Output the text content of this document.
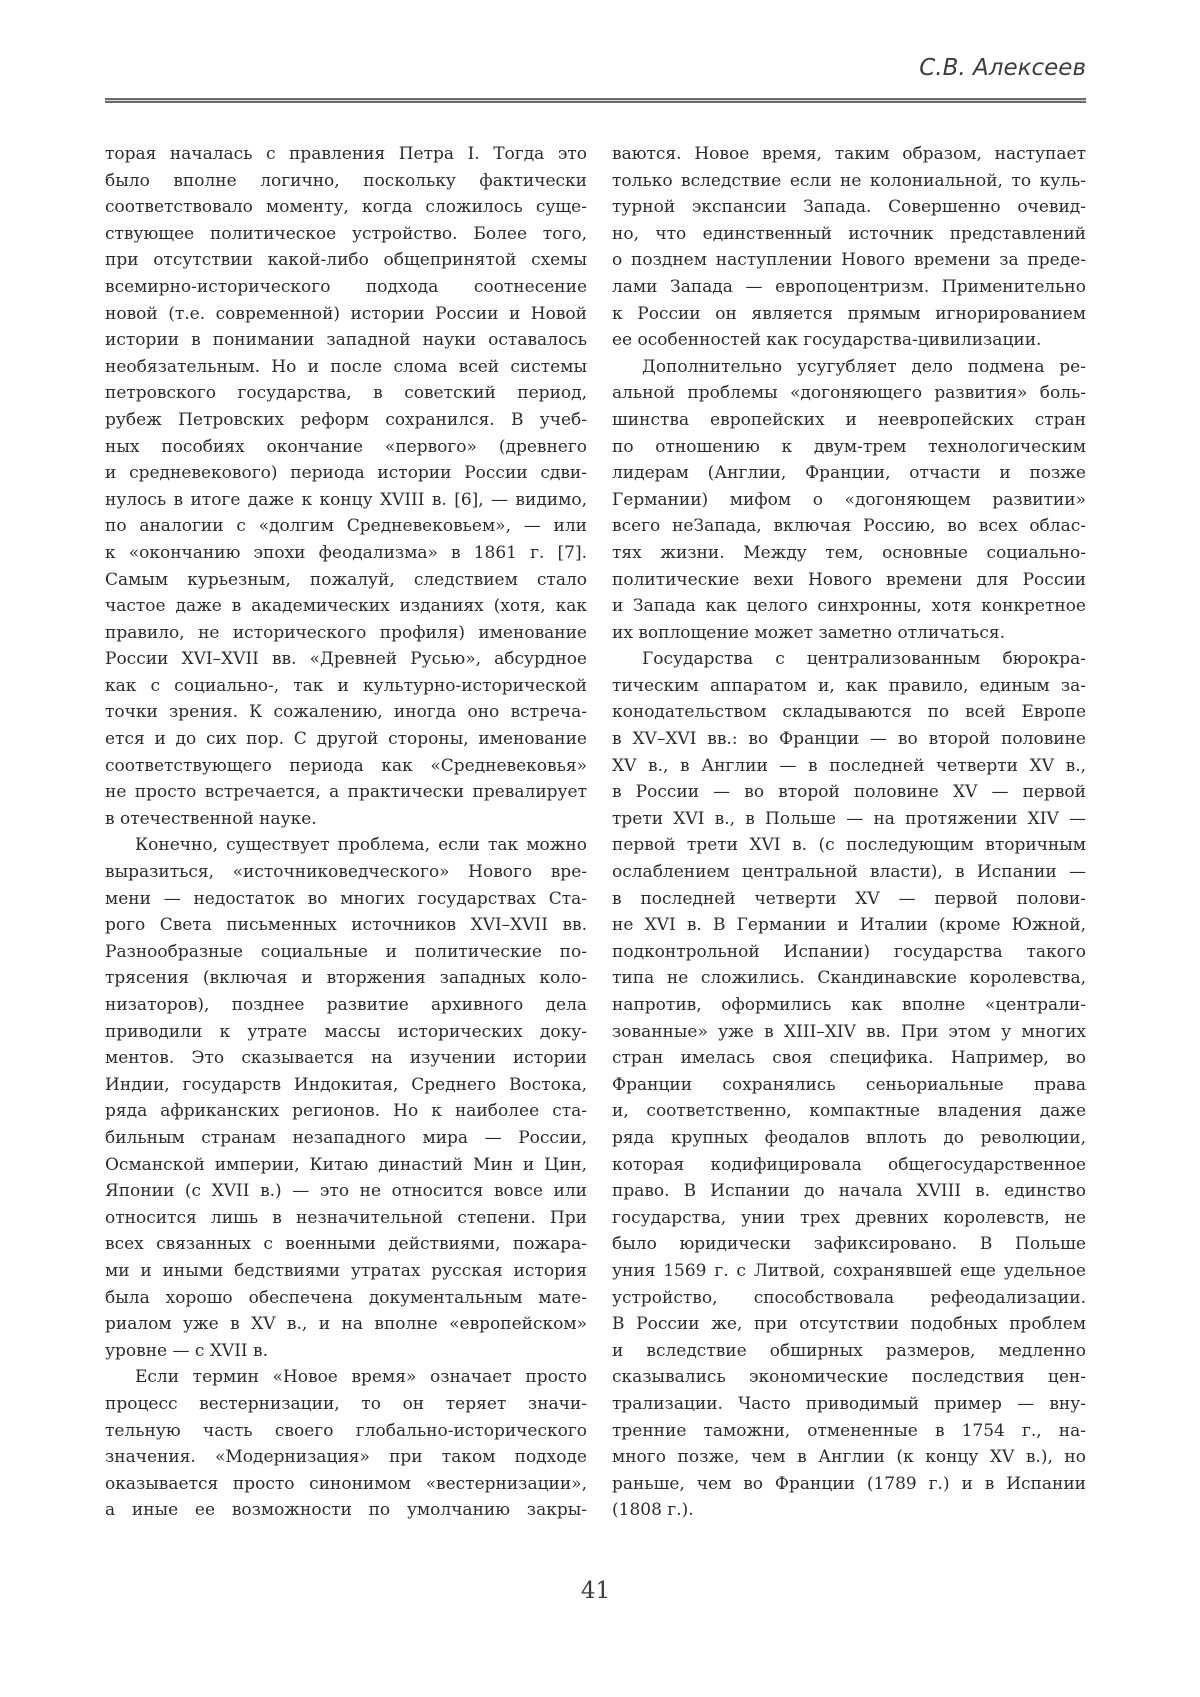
С.В. Алексеев
торая началась с правления Петра I. Тогда это
было вполне логично, поскольку фактически
соответствовало моменту, когда сложилось суще-
ствующее политическое устройство. Более того,
при отсутствии какой-либо общепринятой схемы
всемирно-исторического подхода соотнесение
новой (т.е. современной) истории России и Новой
истории в понимании западной науки оставалось
необязательным. Но и после слома всей системы
петровского государства, в советский период,
рубеж Петровских реформ сохранился. В учеб-
ных пособиях окончание «первого» (древнего
и средневекового) периода истории России сдви-
нулось в итоге даже к концу XVIII в. [6], — видимо,
по аналогии с «долгим Средневековьем», — или
к «окончанию эпохи феодализма» в 1861 г. [7].
Самым курьезным, пожалуй, следствием стало
частое даже в академических изданиях (хотя, как
правило, не исторического профиля) именование
России XVI–XVII вв. «Древней Русью», абсурдное
как с социально-, так и культурно-исторической
точки зрения. К сожалению, иногда оно встреча-
ется и до сих пор. С другой стороны, именование
соответствующего периода как «Средневековья»
не просто встречается, а практически превалирует
в отечественной науке.
Конечно, существует проблема, если так можно
выразиться, «источниковедческого» Нового вре-
мени — недостаток во многих государствах Ста-
рого Света письменных источников XVI–XVII вв.
Разнообразные социальные и политические по-
трясения (включая и вторжения западных коло-
низаторов), позднее развитие архивного дела
приводили к утрате массы исторических доку-
ментов. Это сказывается на изучении истории
Индии, государств Индокитая, Среднего Востока,
ряда африканских регионов. Но к наиболее ста-
бильным странам незападного мира — России,
Османской империи, Китаю династий Мин и Цин,
Японии (с XVII в.) — это не относится вовсе или
относится лишь в незначительной степени. При
всех связанных с военными действиями, пожара-
ми и иными бедствиями утратах русская история
была хорошо обеспечена документальным мате-
риалом уже в XV в., и на вполне «европейском»
уровне — с XVII в.
Если термин «Новое время» означает просто
процесс вестернизации, то он теряет значи-
тельную часть своего глобально-исторического
значения. «Модернизация» при таком подходе
оказывается просто синонимом «вестернизации»,
а иные ее возможности по умолчанию закры-
ваются. Новое время, таким образом, наступает
только вследствие если не колониальной, то куль-
турной экспансии Запада. Совершенно очевид-
но, что единственный источник представлений
о позднем наступлении Нового времени за преде-
лами Запада — европоцентризм. Применительно
к России он является прямым игнорированием
ее особенностей как государства-цивилизации.
Дополнительно усугубляет дело подмена ре-
альной проблемы «догоняющего развития» боль-
шинства европейских и неевропейских стран
по отношению к двум-трем технологическим
лидерам (Англии, Франции, отчасти и позже
Германии) мифом о «догоняющем развитии»
всего неЗапада, включая Россию, во всех облас-
тях жизни. Между тем, основные социально-
политические вехи Нового времени для России
и Запада как целого синхронны, хотя конкретное
их воплощение может заметно отличаться.
Государства с централизованным бюрокра-
тическим аппаратом и, как правило, единым за-
конодательством складываются по всей Европе
в XV–XVI вв.: во Франции — во второй половине
XV в., в Англии — в последней четверти XV в.,
в России — во второй половине XV — первой
трети XVI в., в Польше — на протяжении XIV —
первой трети XVI в. (с последующим вторичным
ослаблением центральной власти), в Испании —
в последней четверти XV — первой полови-
не XVI в. В Германии и Италии (кроме Южной,
подконтрольной Испании) государства такого
типа не сложились. Скандинавские королевства,
напротив, оформились как вполне «централи-
зованные» уже в XIII–XIV вв. При этом у многих
стран имелась своя специфика. Например, во
Франции сохранялись сеньориальные права
и, соответственно, компактные владения даже
ряда крупных феодалов вплоть до революции,
которая кодифицировала общегосударственное
право. В Испании до начала XVIII в. единство
государства, унии трех древних королевств, не
было юридически зафиксировано. В Польше
уния 1569 г. с Литвой, сохранявшей еще удельное
устройство, способствовала рефеодализации.
В России же, при отсутствии подобных проблем
и вследствие обширных размеров, медленно
сказывались экономические последствия цен-
трализации. Часто приводимый пример — вну-
тренние таможни, отмененные в 1754 г., на-
много позже, чем в Англии (к концу XV в.), но
раньше, чем во Франции (1789 г.) и в Испании
(1808 г.).
41
